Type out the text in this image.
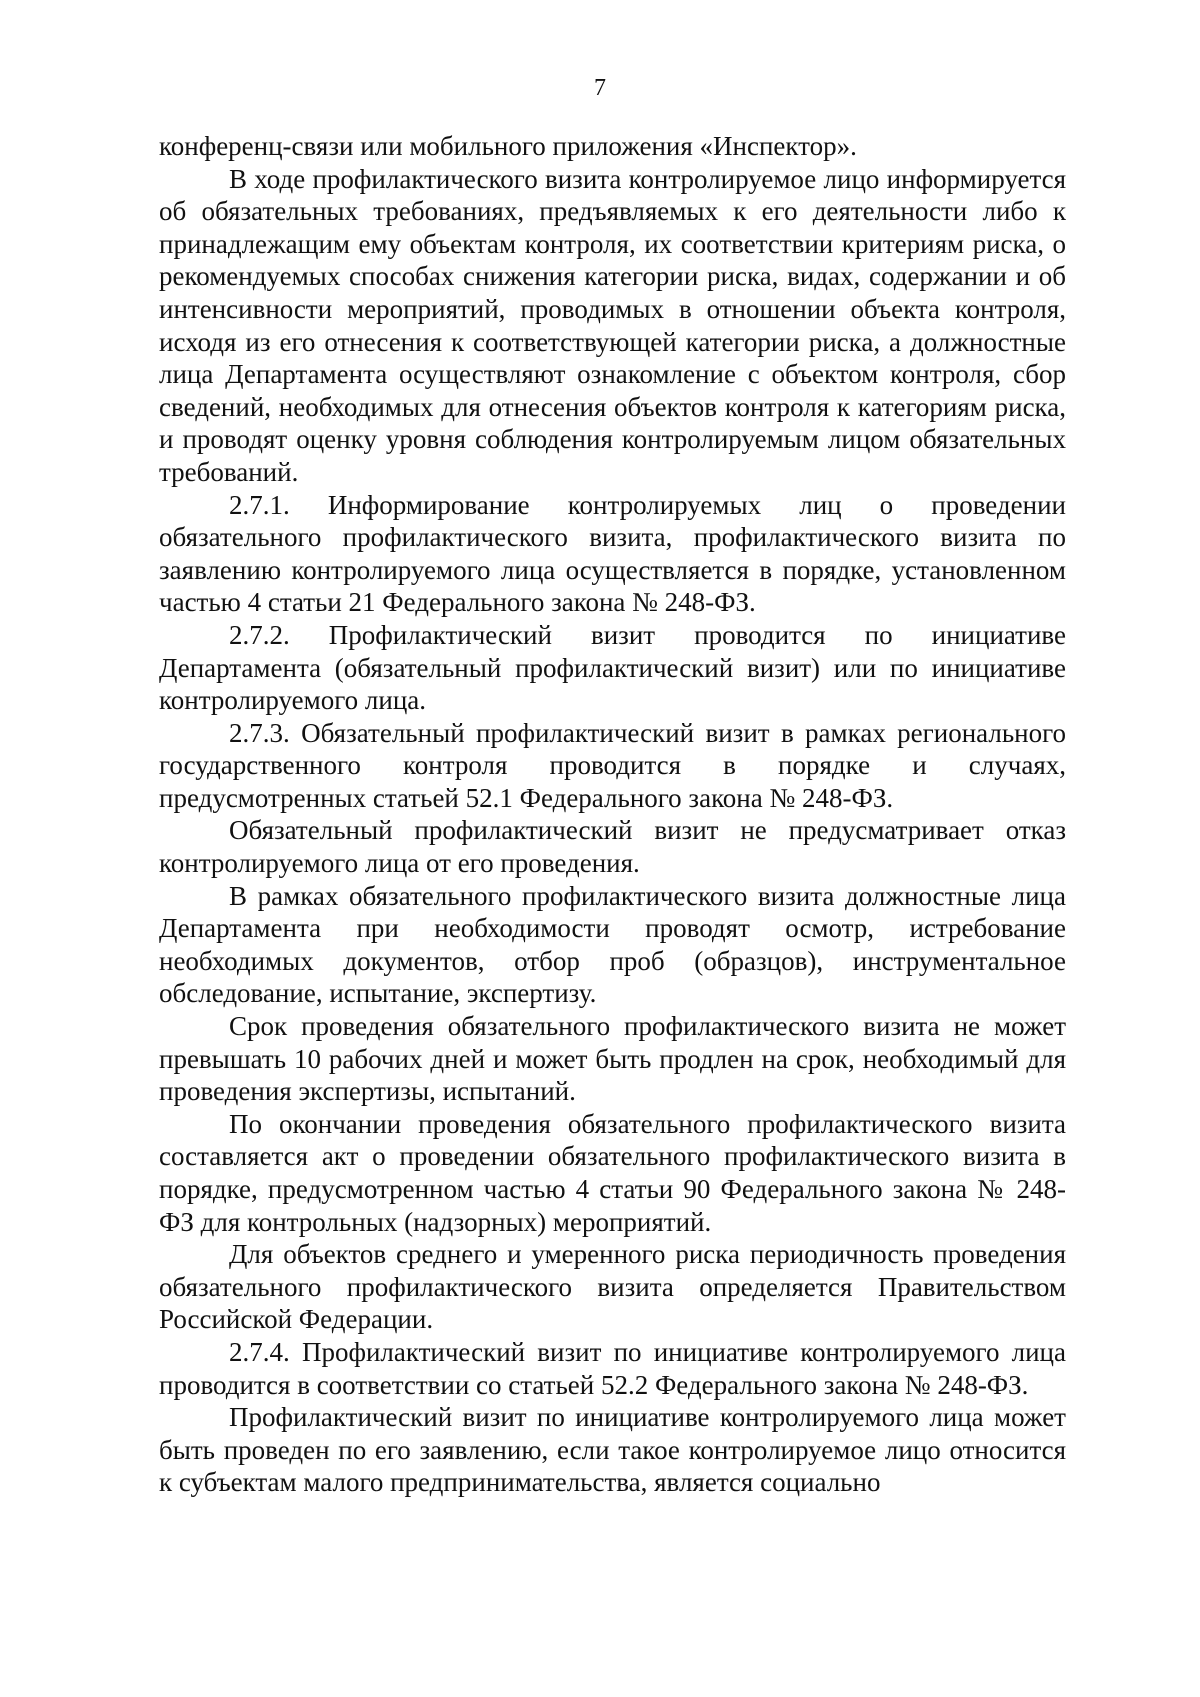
7

конференц-связи или мобильного приложения «Инспектор».

В ходе профилактического визита контролируемое лицо информируется об обязательных требованиях, предъявляемых к его деятельности либо к принадлежащим ему объектам контроля, их соответствии критериям риска, о рекомендуемых способах снижения категории риска, видах, содержании и об интенсивности мероприятий, проводимых в отношении объекта контроля, исходя из его отнесения к соответствующей категории риска, а должностные лица Департамента осуществляют ознакомление с объектом контроля, сбор сведений, необходимых для отнесения объектов контроля к категориям риска, и проводят оценку уровня соблюдения контролируемым лицом обязательных требований.

2.7.1. Информирование контролируемых лиц о проведении обязательного профилактического визита, профилактического визита по заявлению контролируемого лица осуществляется в порядке, установленном частью 4 статьи 21 Федерального закона № 248-ФЗ.

2.7.2. Профилактический визит проводится по инициативе Департамента (обязательный профилактический визит) или по инициативе контролируемого лица.

2.7.3. Обязательный профилактический визит в рамках регионального государственного контроля проводится в порядке и случаях, предусмотренных статьей 52.1 Федерального закона № 248-ФЗ.

Обязательный профилактический визит не предусматривает отказ контролируемого лица от его проведения.

В рамках обязательного профилактического визита должностные лица Департамента при необходимости проводят осмотр, истребование необходимых документов, отбор проб (образцов), инструментальное обследование, испытание, экспертизу.

Срок проведения обязательного профилактического визита не может превышать 10 рабочих дней и может быть продлен на срок, необходимый для проведения экспертизы, испытаний.

По окончании проведения обязательного профилактического визита составляется акт о проведении обязательного профилактического визита в порядке, предусмотренном частью 4 статьи 90 Федерального закона № 248-ФЗ для контрольных (надзорных) мероприятий.

Для объектов среднего и умеренного риска периодичность проведения обязательного профилактического визита определяется Правительством Российской Федерации.

2.7.4. Профилактический визит по инициативе контролируемого лица проводится в соответствии со статьей 52.2 Федерального закона № 248-ФЗ.

Профилактический визит по инициативе контролируемого лица может быть проведен по его заявлению, если такое контролируемое лицо относится к субъектам малого предпринимательства, является социально
